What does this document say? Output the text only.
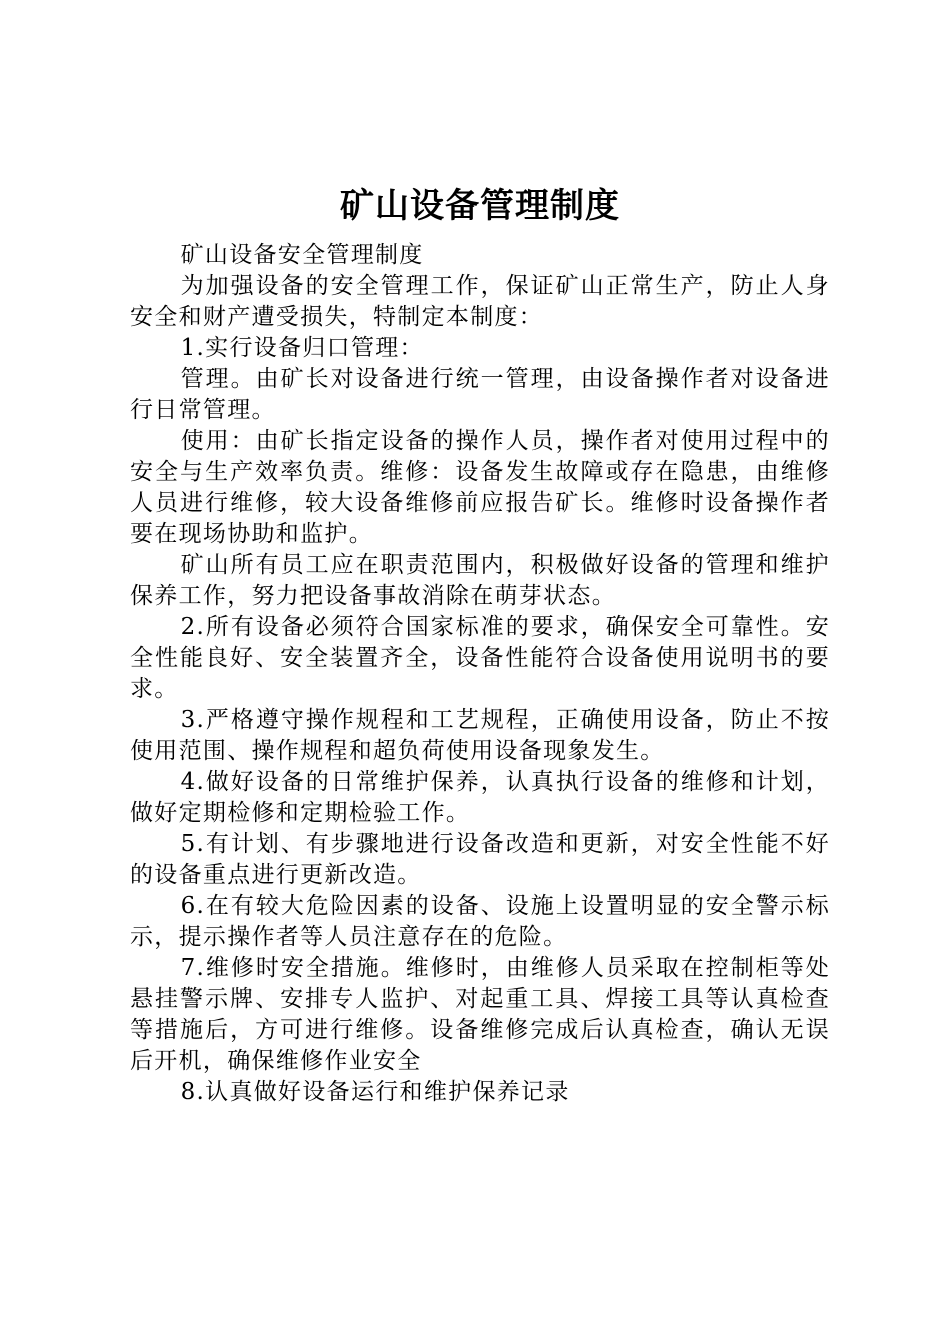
矿山设备管理制度

矿山设备安全管理制度

为加强设备的安全管理工作，保证矿山正常生产，防止人身安全和财产遭受损失，特制定本制度：

1.实行设备归口管理：

管理。由矿长对设备进行统一管理，由设备操作者对设备进行日常管理。

使用：由矿长指定设备的操作人员，操作者对使用过程中的安全与生产效率负责。维修：设备发生故障或存在隐患，由维修人员进行维修，较大设备维修前应报告矿长。维修时设备操作者要在现场协助和监护。

矿山所有员工应在职责范围内，积极做好设备的管理和维护保养工作，努力把设备事故消除在萌芽状态。

2.所有设备必须符合国家标准的要求，确保安全可靠性。安全性能良好、安全装置齐全，设备性能符合设备使用说明书的要求。

3.严格遵守操作规程和工艺规程，正确使用设备，防止不按使用范围、操作规程和超负荷使用设备现象发生。

4.做好设备的日常维护保养，认真执行设备的维修和计划，做好定期检修和定期检验工作。

5.有计划、有步骤地进行设备改造和更新，对安全性能不好的设备重点进行更新改造。

6.在有较大危险因素的设备、设施上设置明显的安全警示标示，提示操作者等人员注意存在的危险。

7.维修时安全措施。维修时，由维修人员采取在控制柜等处悬挂警示牌、安排专人监护、对起重工具、焊接工具等认真检查等措施后，方可进行维修。设备维修完成后认真检查，确认无误后开机，确保维修作业安全

8.认真做好设备运行和维护保养记录
